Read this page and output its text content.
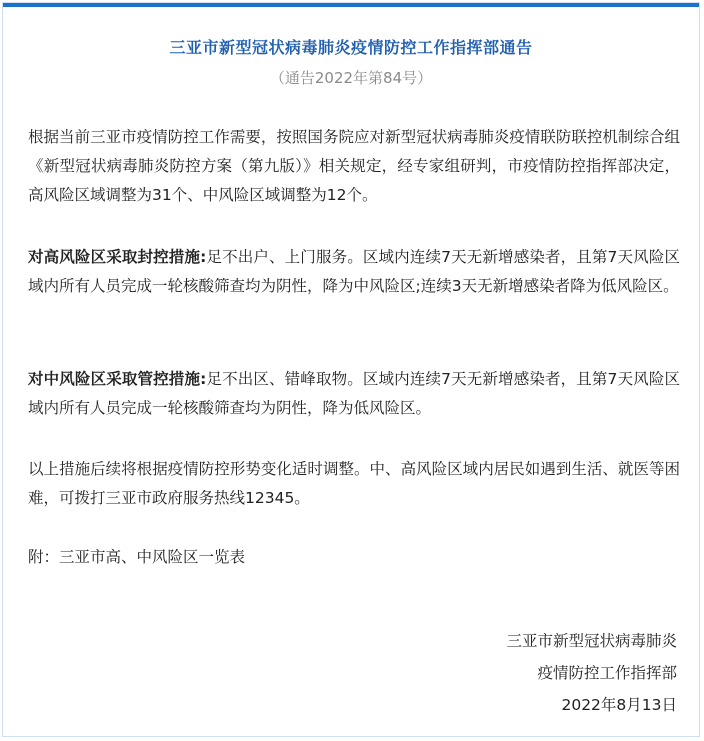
三亚市新型冠状病毒肺炎疫情防控工作指挥部通告
（通告2022年第84号）
根据当前三亚市疫情防控工作需要，按照国务院应对新型冠状病毒肺炎疫情联防联控机制综合组《新型冠状病毒肺炎防控方案（第九版）》相关规定，经专家组研判，市疫情防控指挥部决定，高风险区域调整为31个、中风险区域调整为12个。
对高风险区采取封控措施:足不出户、上门服务。区域内连续7天无新增感染者，且第7天风险区域内所有人员完成一轮核酸筛查均为阴性，降为中风险区;连续3天无新增感染者降为低风险区。
对中风险区采取管控措施:足不出区、错峰取物。区域内连续7天无新增感染者，且第7天风险区域内所有人员完成一轮核酸筛查均为阴性，降为低风险区。
以上措施后续将根据疫情防控形势变化适时调整。中、高风险区域内居民如遇到生活、就医等困难，可拨打三亚市政府服务热线12345。
附：三亚市高、中风险区一览表
三亚市新型冠状病毒肺炎
疫情防控工作指挥部
2022年8月13日
